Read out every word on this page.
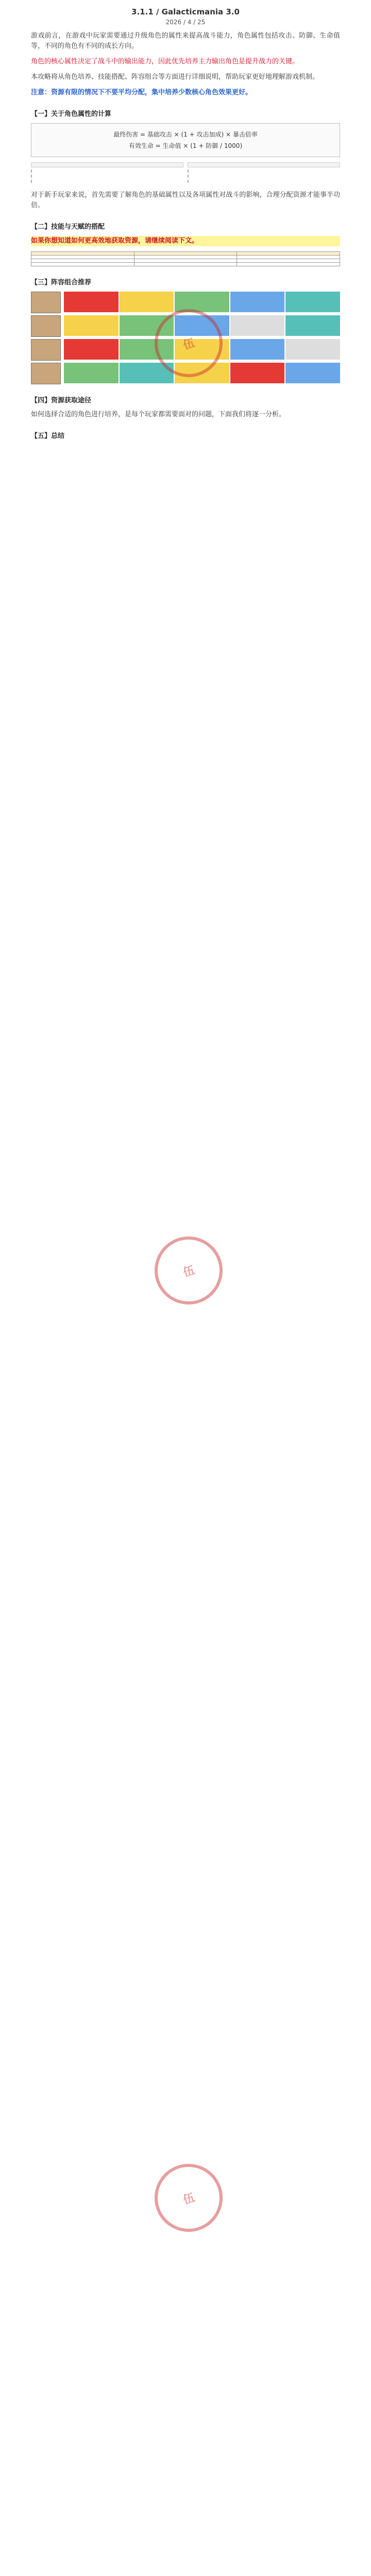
3.1.1 / Galacticmania 3.0
2026 / 4 / 25

游戏前言，在游戏中玩家需要通过升级角色的属性来提高战斗能力，角色属性包括攻击、防御、生命值等，不同的角色有不同的成长方向。

角色的核心属性决定了战斗中的输出能力，因此优先培养主力输出角色是提升战力的关键。

本攻略将从角色培养、技能搭配、阵容组合等方面进行详细说明，帮助玩家更好地理解游戏机制。

注意：资源有限的情况下不要平均分配，集中培养少数核心角色效果更好。

【一】关于角色属性的计算
最终伤害 = 基础攻击 × (1 + 攻击加成) × 暴击倍率
有效生命 = 生命值 × (1 + 防御 / 1000)

对于新手玩家来说，首先需要了解角色的基础属性以及各项属性对战斗的影响，合理分配资源才能事半功倍。

【二】技能与天赋的搭配

如果你想知道如何更高效地获取资源，请继续阅读下文。

【三】阵容组合推荐
【四】资源获取途径

如何选择合适的角色进行培养，是每个玩家都需要面对的问题，下面我们将逐一分析。

【五】总结
伍
伍
伍
